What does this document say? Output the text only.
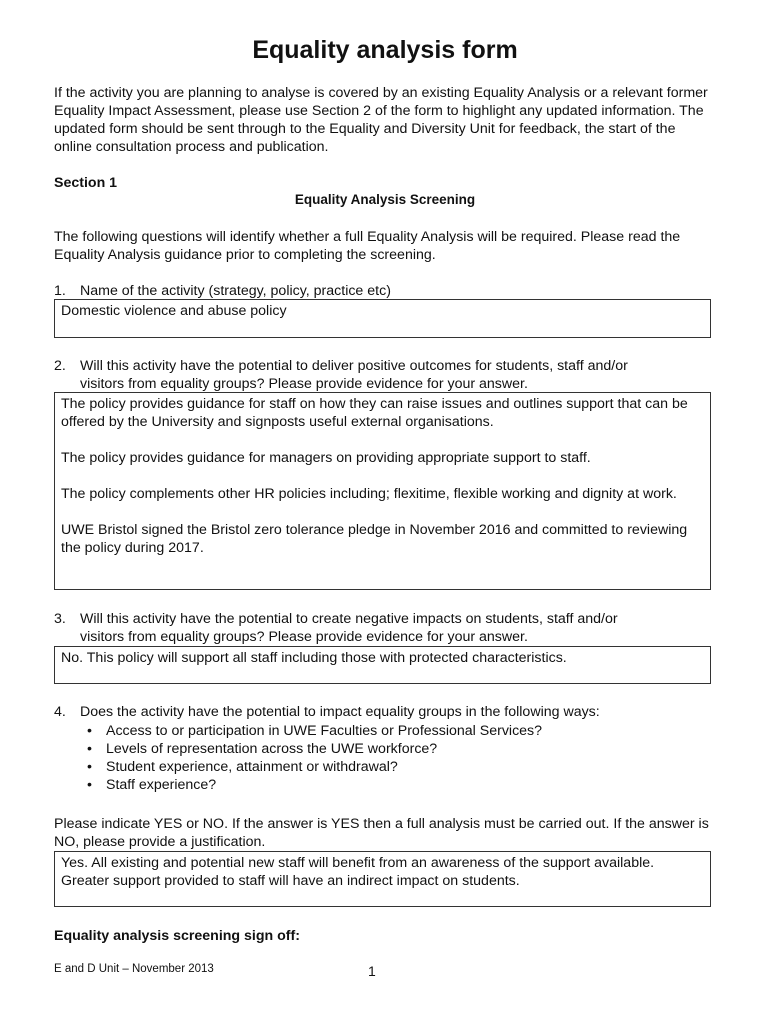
Equality analysis form
If the activity you are planning to analyse is covered by an existing Equality Analysis or a relevant former Equality Impact Assessment, please use Section 2 of the form to highlight any updated information. The updated form should be sent through to the Equality and Diversity Unit for feedback, the start of the online consultation process and publication.
Section 1
Equality Analysis Screening
The following questions will identify whether a full Equality Analysis will be required. Please read the Equality Analysis guidance prior to completing the screening.
1. Name of the activity (strategy, policy, practice etc)

Domestic violence and abuse policy

2. Will this activity have the potential to deliver positive outcomes for students, staff and/or
visitors from equality groups? Please provide evidence for your answer.

The policy provides guidance for staff on how they can raise issues and outlines support that can be offered by the University and signposts useful external organisations.

The policy provides guidance for managers on providing appropriate support to staff.

The policy complements other HR policies including; flexitime, flexible working and dignity at work.

UWE Bristol signed the Bristol zero tolerance pledge in November 2016 and committed to reviewing the policy during 2017.

3. Will this activity have the potential to create negative impacts on students, staff and/or
visitors from equality groups? Please provide evidence for your answer.

No. This policy will support all staff including those with protected characteristics.

4. Does the activity have the potential to impact equality groups in the following ways:
• Access to or participation in UWE Faculties or Professional Services?
• Levels of representation across the UWE workforce?
• Student experience, attainment or withdrawal?
• Staff experience?
Please indicate YES or NO. If the answer is YES then a full analysis must be carried out. If the answer is NO, please provide a justification.

Yes. All existing and potential new staff will benefit from an awareness of the support available. Greater support provided to staff will have an indirect impact on students.

Equality analysis screening sign off:
E and D Unit – November 2013	1
